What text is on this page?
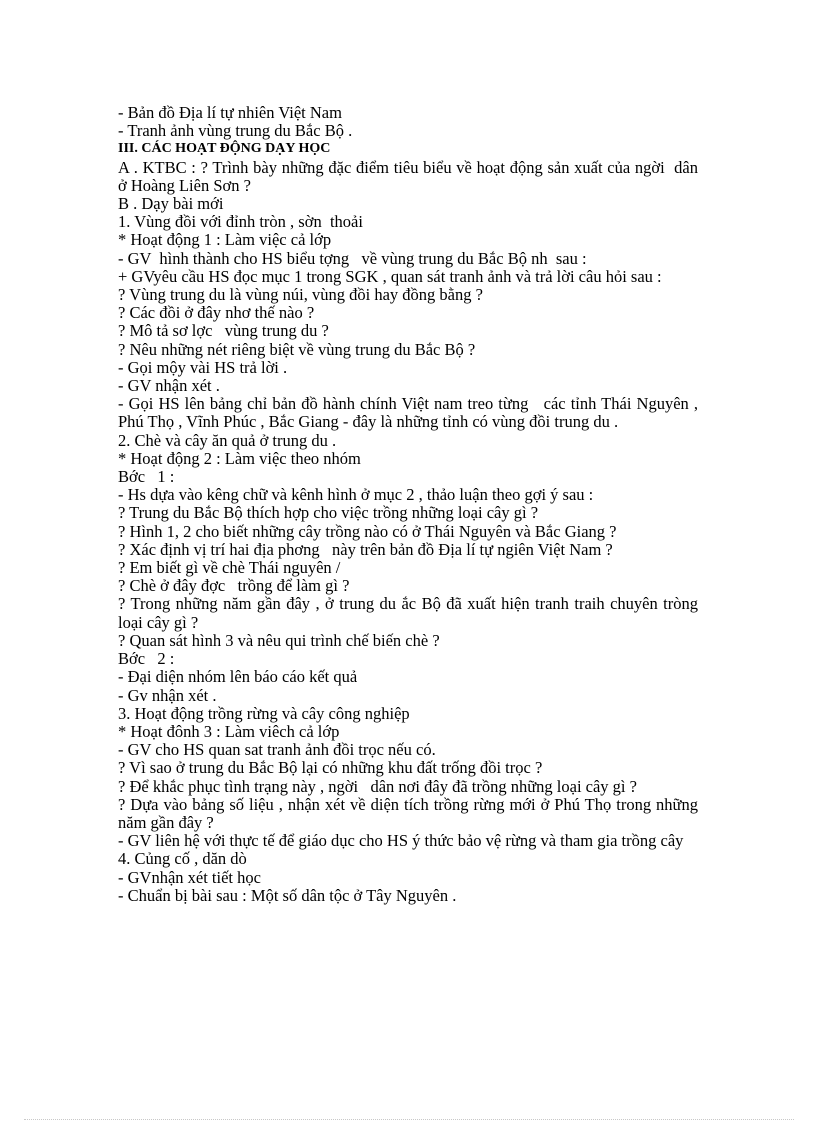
- Bản đồ Địa lí tự nhiên Việt Nam

- Tranh ảnh vùng trung du Bắc Bộ .

III. CÁC HOẠT ĐỘNG DẠY HỌC

A . KTBC : ? Trình bày những đặc điểm tiêu biểu về hoạt động sản xuất của ngời  dân ở Hoàng Liên Sơn ?

B . Dạy bài mới

1. Vùng đồi với đỉnh tròn , sờn  thoải

* Hoạt động 1 : Làm việc cả lớp

- GV  hình thành cho HS biểu tợng   về vùng trung du Bắc Bộ nh  sau :

+ GVyêu cầu HS đọc mục 1 trong SGK , quan sát tranh ảnh và trả lời câu hỏi sau :

? Vùng trung du là vùng núi, vùng đồi hay đồng bằng ?

? Các đồi ở đây nhơ thế nào ?

? Mô tả sơ lợc   vùng trung du ?

? Nêu những nét riêng biệt về vùng trung du Bắc Bộ ?

- Gọi mộy vài HS trả lời .

- GV nhận xét .

- Gọi HS lên bảng chỉ bản đồ hành chính Việt nam treo từng   các tỉnh Thái Nguyên , Phú Thọ , Vĩnh Phúc , Bắc Giang - đây là những tỉnh có vùng đồi trung du .

2. Chè và cây ăn quả ở trung du .

* Hoạt động 2 : Làm việc theo nhóm

Bớc   1 :

- Hs dựa vào kêng chữ và kênh hình ở mục 2 , thảo luận theo gợi ý sau :

? Trung du Bắc Bộ thích hợp cho việc trồng những loại cây gì ?

? Hình 1, 2 cho biết những cây trồng nào có ở Thái Nguyên và Bắc Giang ?

? Xác định vị trí hai địa phơng   này trên bản đồ Địa lí tự ngiên Việt Nam ?

? Em biết gì về chè Thái nguyên /

? Chè ở đây đợc   trồng để làm gì ?

? Trong những năm gần đây , ở trung du ắc Bộ đã xuất hiện tranh traih chuyên tròng loại cây gì ?

? Quan sát hình 3 và nêu qui trình chế biến chè ?

Bớc   2 :

- Đại diện nhóm lên báo cáo kết quả

- Gv nhận xét .

3. Hoạt động trồng rừng và cây công nghiệp

* Hoạt đônh 3 : Làm viêch cả lớp

- GV cho HS quan sat tranh ảnh đồi trọc nếu có.

? Vì sao ở trung du Bắc Bộ lại có những khu đất trống đồi trọc ?

? Để khắc phục tình trạng này , ngời   dân nơi đây đã trồng những loại cây gì ?

? Dựa vào bảng số liệu , nhận xét về diện tích trồng rừng mới ở Phú Thọ trong những năm gần đây ?

- GV liên hệ với thực tế để giáo dục cho HS ý thức bảo vệ rừng và tham gia trồng cây

4. Củng cố , dăn dò

- GVnhận xét tiết học

- Chuẩn bị bài sau : Một số dân tộc ở Tây Nguyên .
